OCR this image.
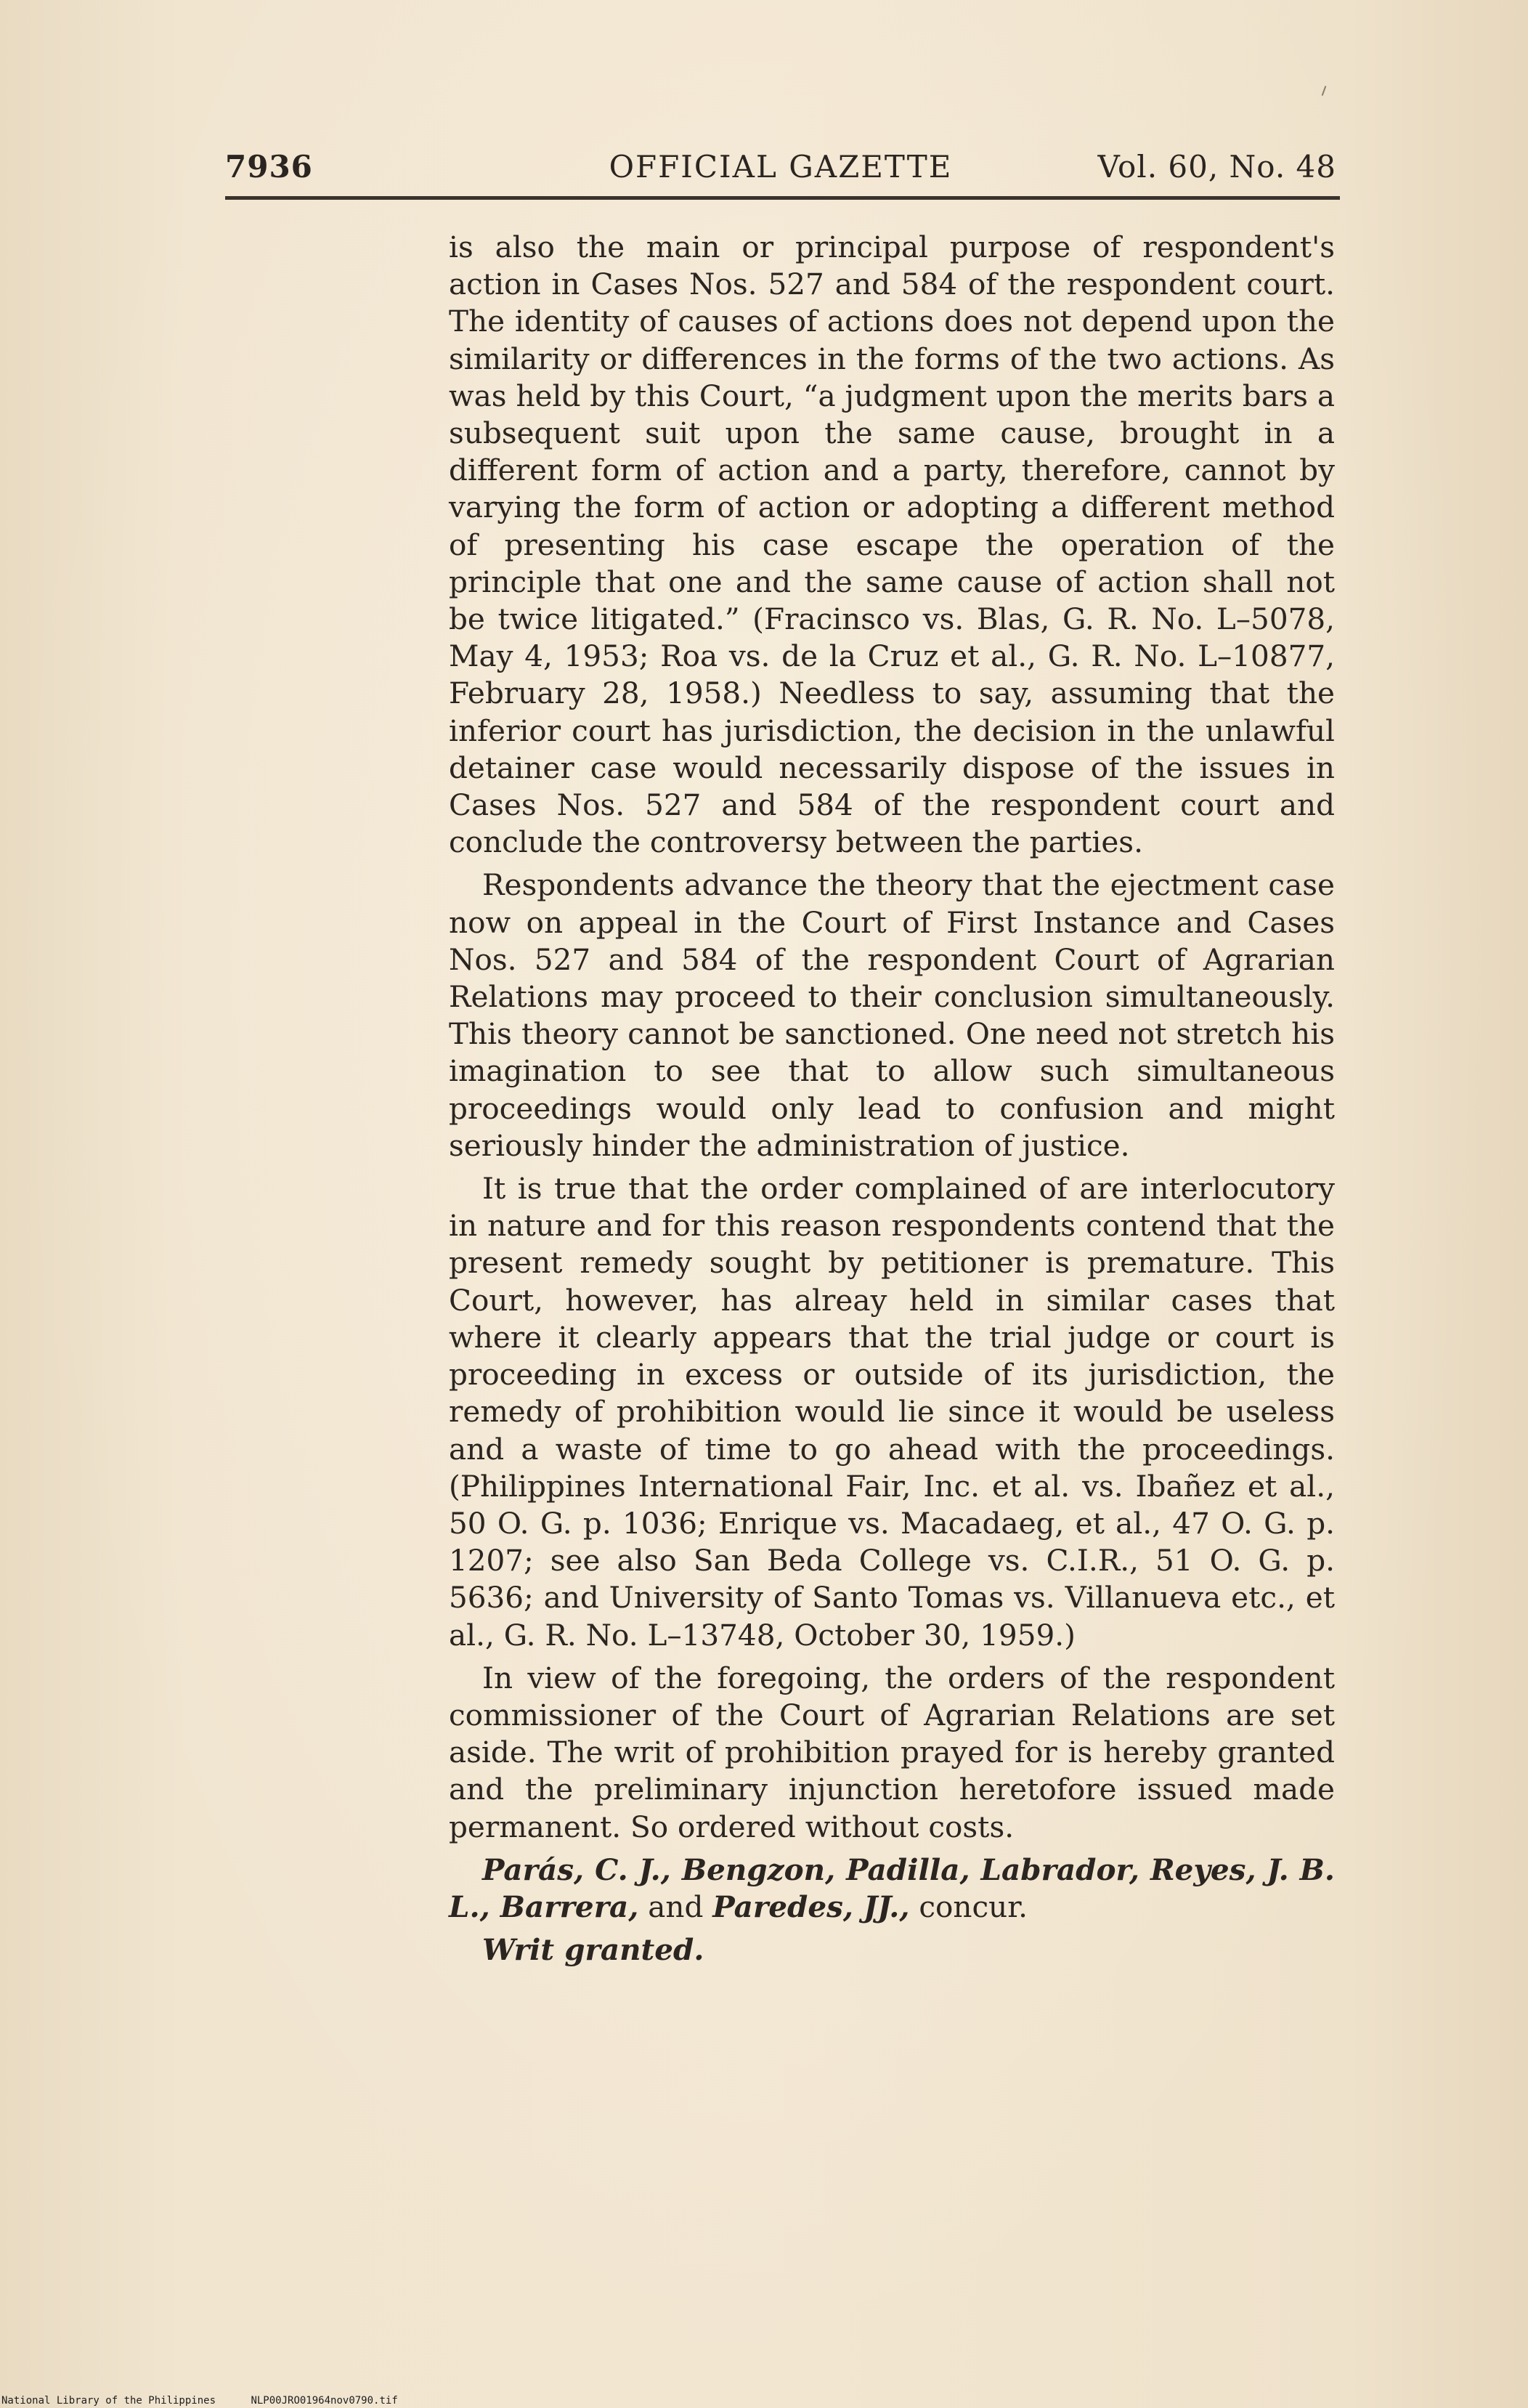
7936	OFFICIAL GAZETTE	Vol. 60, No. 48

is also the main or principal purpose of respondent's action in Cases Nos. 527 and 584 of the respondent court. The identity of causes of actions does not depend upon the similarity or differences in the forms of the two actions. As was held by this Court, “a judgment upon the merits bars a subsequent suit upon the same cause, brought in a different form of action and a party, therefore, cannot by varying the form of action or adopting a different method of presenting his case escape the operation of the principle that one and the same cause of action shall not be twice litigated.” (Fracinsco vs. Blas, G. R. No. L–5078, May 4, 1953; Roa vs. de la Cruz et al., G. R. No. L–10877, February 28, 1958.) Needless to say, assuming that the inferior court has jurisdiction, the decision in the unlawful detainer case would necessarily dispose of the issues in Cases Nos. 527 and 584 of the respondent court and conclude the controversy between the parties.

Respondents advance the theory that the ejectment case now on appeal in the Court of First Instance and Cases Nos. 527 and 584 of the respondent Court of Agrarian Relations may proceed to their conclusion simultaneously. This theory cannot be sanctioned. One need not stretch his imagination to see that to allow such simultaneous proceedings would only lead to confusion and might seriously hinder the administration of justice.

It is true that the order complained of are interlocutory in nature and for this reason respondents contend that the present remedy sought by petitioner is premature. This Court, however, has alreay held in similar cases that where it clearly appears that the trial judge or court is proceeding in excess or outside of its jurisdiction, the remedy of prohibition would lie since it would be useless and a waste of time to go ahead with the proceedings. (Philippines International Fair, Inc. et al. vs. Ibañez et al., 50 O. G. p. 1036; Enrique vs. Macadaeg, et al., 47 O. G. p. 1207; see also San Beda College vs. C.I.R., 51 O. G. p. 5636; and University of Santo Tomas vs. Villanueva etc., et al., G. R. No. L–13748, October 30, 1959.)

In view of the foregoing, the orders of the respondent commissioner of the Court of Agrarian Relations are set aside. The writ of prohibition prayed for is hereby granted and the preliminary injunction heretofore issued made permanent. So ordered without costs.

Parás, C. J., Bengzon, Padilla, Labrador, Reyes, J. B. L., Barrera, and Paredes, JJ., concur.

Writ granted.

National Library of the Philippines	NLP00JRO01964nov0790.tif
